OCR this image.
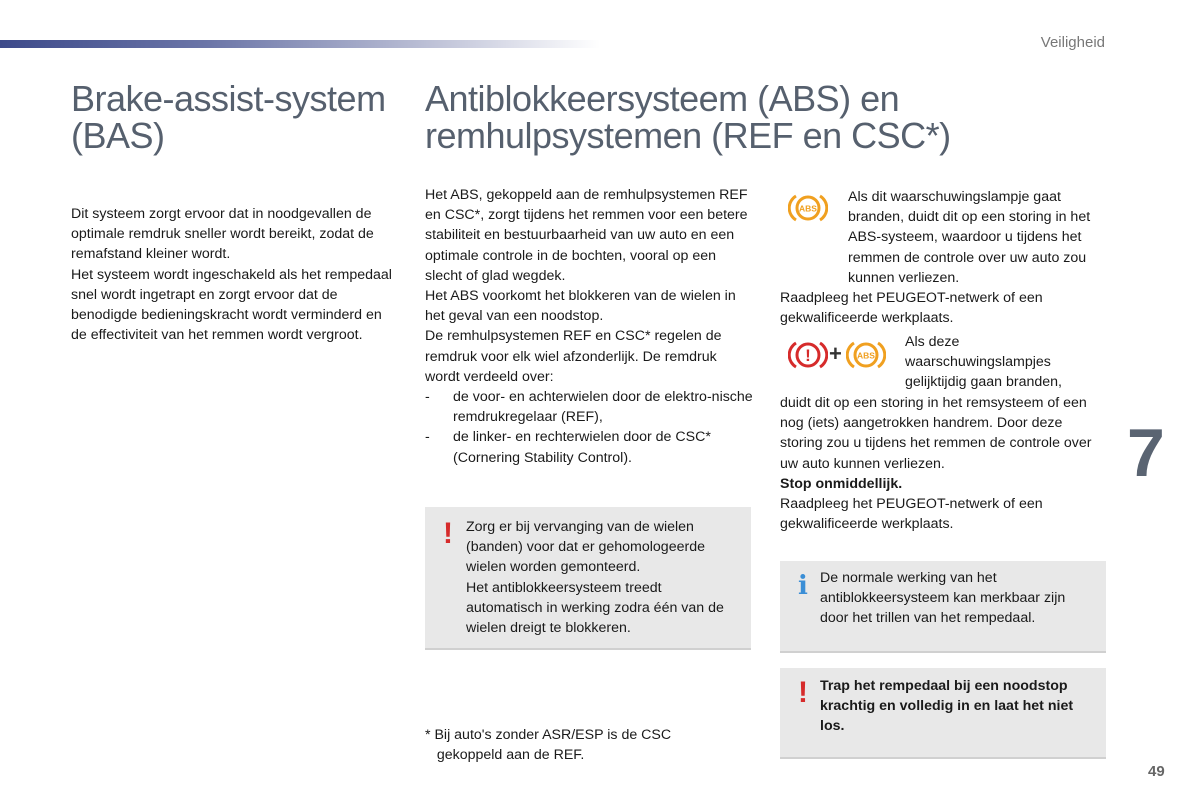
Veiligheid
Brake-assist-system
(BAS)
Dit systeem zorgt ervoor dat in noodgevallen de optimale remdruk sneller wordt bereikt, zodat de remafstand kleiner wordt.
Het systeem wordt ingeschakeld als het rempedaal snel wordt ingetrapt en zorgt ervoor dat de benodigde bedieningskracht wordt verminderd en de effectiviteit van het remmen wordt vergroot.
Antiblokkeersysteem (ABS) en
remhulpsystemen (REF en CSC*)

Het ABS, gekoppeld aan de remhulpsystemen REF en CSC*, zorgt tijdens het remmen voor een betere stabiliteit en bestuurbaarheid van uw auto en een optimale controle in de bochten, vooral op een slecht of glad wegdek.
Het ABS voorkomt het blokkeren van de wielen in het geval van een noodstop.
De remhulpsystemen REF en CSC* regelen de remdruk voor elk wiel afzonderlijk. De remdruk wordt verdeeld over:

- de voor- en achterwielen door de elektro-nische remdrukregelaar (REF),
- de linker- en rechterwielen door de CSC* (Cornering Stability Control).
! Zorg er bij vervanging van de wielen (banden) voor dat er gehomologeerde wielen worden gemonteerd.
Het antiblokkeersysteem treedt automatisch in werking zodra één van de wielen dreigt te blokkeren.
* Bij auto's zonder ASR/ESP is de CSC
gekoppeld aan de REF.
ABS
Als dit waarschuwingslampje gaat branden, duidt dit op een storing in het ABS-systeem, waardoor u tijdens het remmen de controle over uw auto zou kunnen verliezen.
Raadpleeg het PEUGEOT-netwerk of een gekwalificeerde werkplaats.
! + ABS
Als deze waarschuwingslampjes gelijktijdig gaan branden,

duidt dit op een storing in het remsysteem of een nog (iets) aangetrokken handrem. Door deze storing zou u tijdens het remmen de controle over uw auto kunnen verliezen.

Stop onmiddellijk.

Raadpleeg het PEUGEOT-netwerk of een gekwalificeerde werkplaats.

i De normale werking van het antiblokkeersysteem kan merkbaar zijn door het trillen van het rempedaal.
! Trap het rempedaal bij een noodstop krachtig en volledig in en laat het niet los.
7
49
